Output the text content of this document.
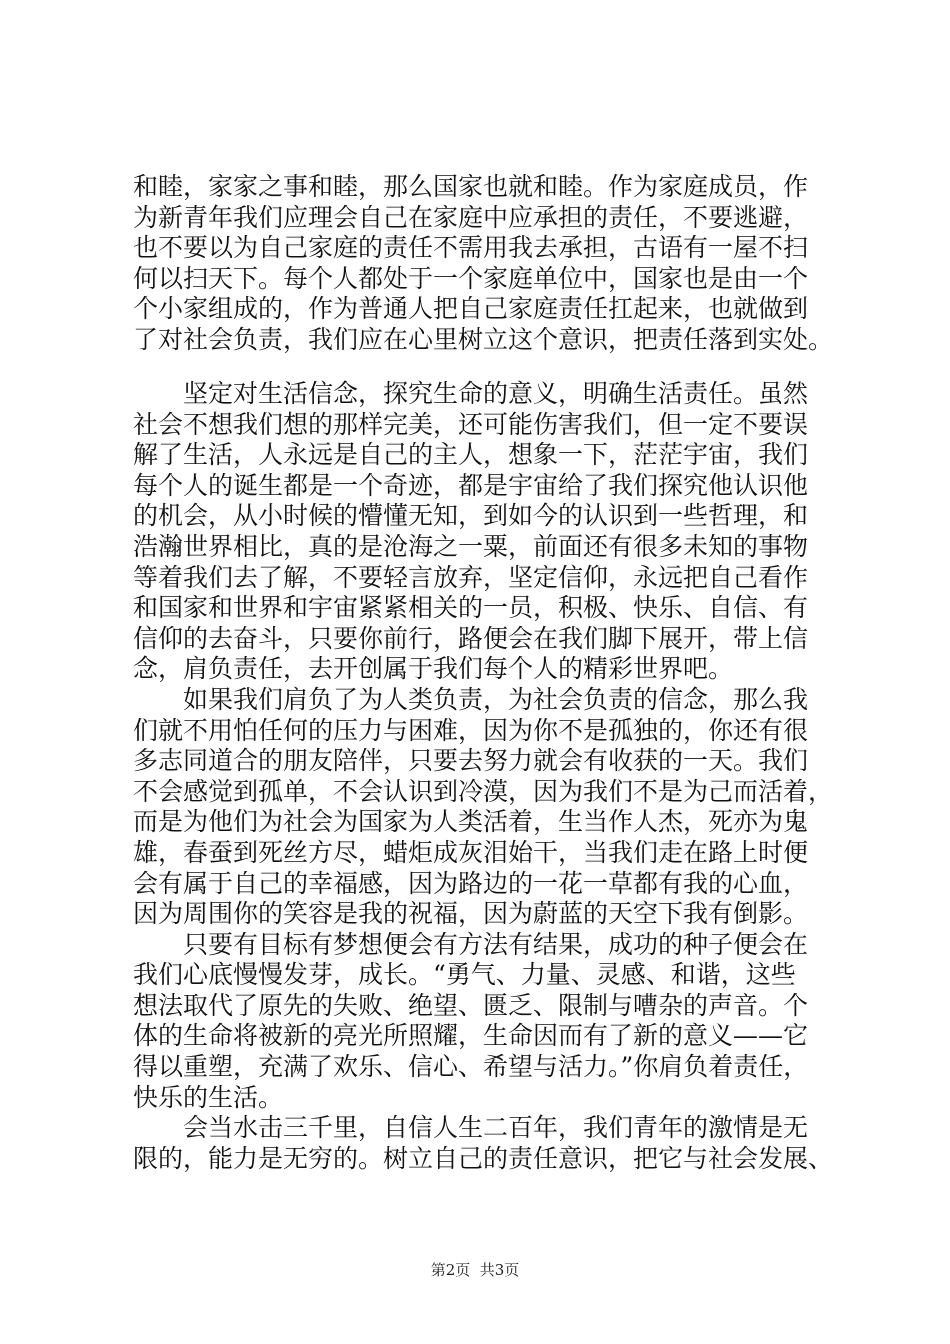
和睦，家家之事和睦，那么国家也就和睦。作为家庭成员，作
为新青年我们应理会自己在家庭中应承担的责任，不要逃避，
也不要以为自己家庭的责任不需用我去承担，古语有一屋不扫
何以扫天下。每个人都处于一个家庭单位中，国家也是由一个
个小家组成的，作为普通人把自己家庭责任扛起来，也就做到
了对社会负责，我们应在心里树立这个意识，把责任落到实处。
　　坚定对生活信念，探究生命的意义，明确生活责任。虽然
社会不想我们想的那样完美，还可能伤害我们，但一定不要误
解了生活，人永远是自己的主人，想象一下，茫茫宇宙，我们
每个人的诞生都是一个奇迹，都是宇宙给了我们探究他认识他
的机会，从小时候的懵懂无知，到如今的认识到一些哲理，和
浩瀚世界相比，真的是沧海之一粟，前面还有很多未知的事物
等着我们去了解，不要轻言放弃，坚定信仰，永远把自己看作
和国家和世界和宇宙紧紧相关的一员，积极、快乐、自信、有
信仰的去奋斗，只要你前行，路便会在我们脚下展开，带上信
念，肩负责任，去开创属于我们每个人的精彩世界吧。
　　如果我们肩负了为人类负责，为社会负责的信念，那么我
们就不用怕任何的压力与困难，因为你不是孤独的，你还有很
多志同道合的朋友陪伴，只要去努力就会有收获的一天。我们
不会感觉到孤单，不会认识到冷漠，因为我们不是为己而活着，
而是为他们为社会为国家为人类活着，生当作人杰，死亦为鬼
雄，春蚕到死丝方尽，蜡炬成灰泪始干，当我们走在路上时便
会有属于自己的幸福感，因为路边的一花一草都有我的心血，
因为周围你的笑容是我的祝福，因为蔚蓝的天空下我有倒影。
　　只要有目标有梦想便会有方法有结果，成功的种子便会在
我们心底慢慢发芽，成长。“勇气、力量、灵感、和谐，这些
想法取代了原先的失败、绝望、匮乏、限制与嘈杂的声音。个
体的生命将被新的亮光所照耀，生命因而有了新的意义——它
得以重塑，充满了欢乐、信心、希望与活力。”你肩负着责任，
快乐的生活。
　　会当水击三千里，自信人生二百年，我们青年的激情是无
限的，能力是无穷的。树立自己的责任意识，把它与社会发展、
第2页  共3页
